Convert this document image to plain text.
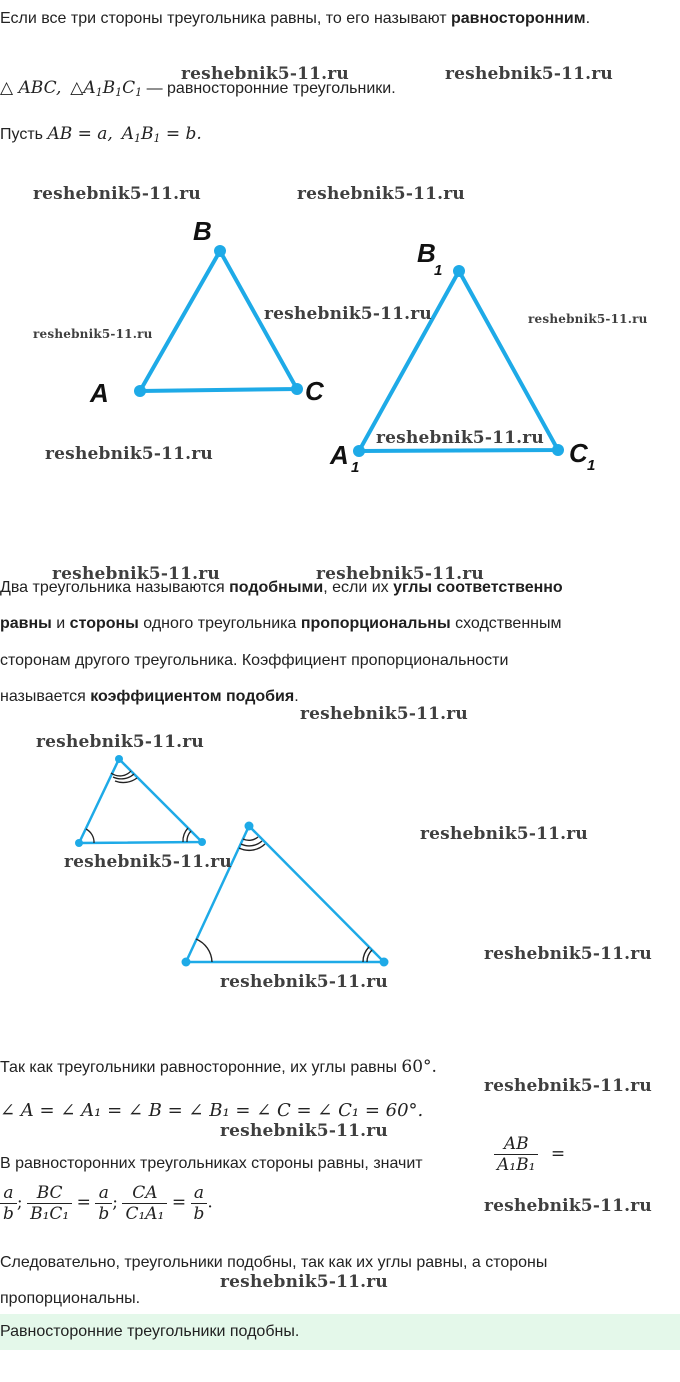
Если все три стороны треугольника равны, то его называют равносторонним.
△ ABC, $\triangle A_1B_1C_1$ — равносторонние треугольники.
Пусть AB = a, $A_1B_1 = b$.
A
B
C
A 1
B
1
C 1
Два треугольника называются подобными, если их углы соответственно
равны и стороны одного треугольника пропорциональны сходственным
сторонам другого треугольника. Коэффициент пропорциональности
называется коэффициентом подобия.
Так как треугольники равносторонние, их углы равны 60°.
∠ A = ∠ A₁ = ∠ B = ∠ B₁ = ∠ C = ∠ C₁ = 60°.
В равносторонних треугольниках стороны равны, значит	$\frac{AB}{\text{A₁B₁}}$ =
$\frac{a}{b}$ ; $\frac{BC}{\text{B₁C₁}} = \frac{a}{b}$ ; $\frac{CA}{\text{C₁A₁}} = \frac{a}{b}$ .
Следовательно, треугольники подобны, так как их углы равны, а стороны
пропорциональны.
Равносторонние треугольники подобны.
reshebnik5-11.ru	reshebnik5-11.ru
reshebnik5-11.ru	reshebnik5-11.ru
reshebnik5-11.ru
reshebnik5-11.ru
reshebnik5-11.ru
reshebnik5-11.ru
reshebnik5-11.ru
reshebnik5-11.ru	reshebnik5-11.ru
reshebnik5-11.ru
reshebnik5-11.ru
reshebnik5-11.ru
reshebnik5-11.ru
reshebnik5-11.ru
reshebnik5-11.ru
reshebnik5-11.ru
reshebnik5-11.ru
reshebnik5-11.ru
reshebnik5-11.ru
